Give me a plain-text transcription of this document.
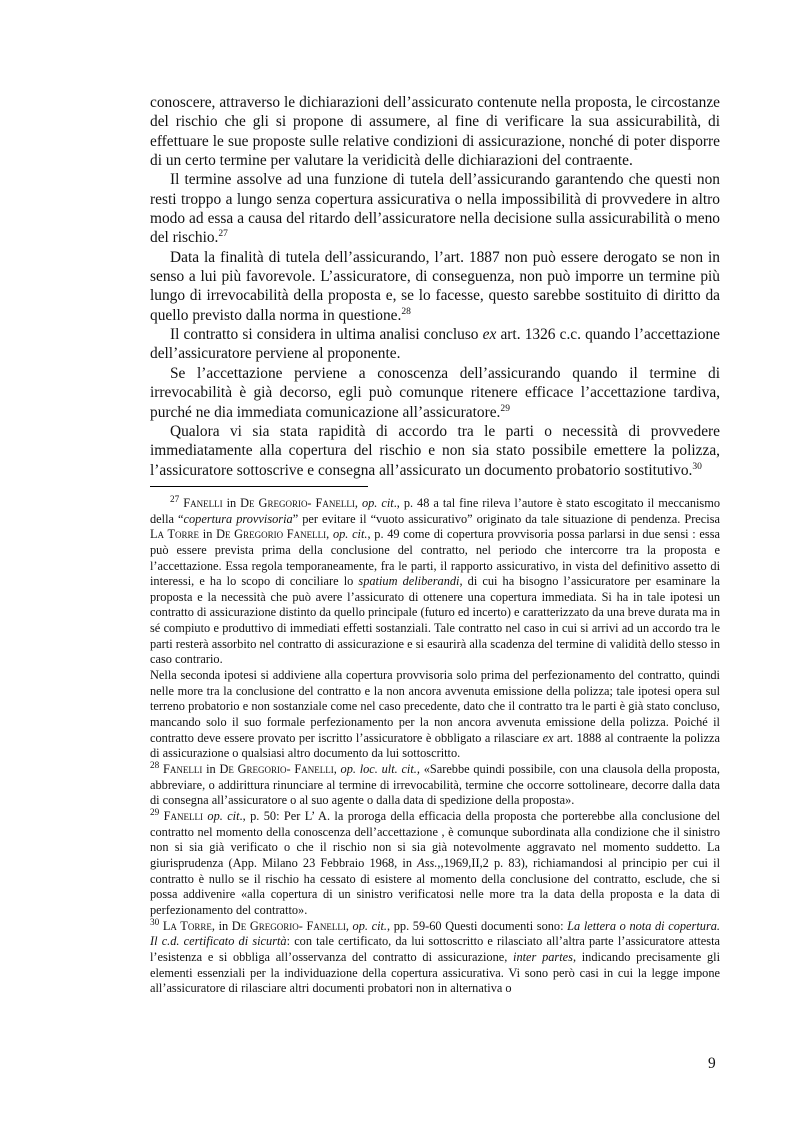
conoscere, attraverso le dichiarazioni dell’assicurato contenute nella proposta, le circostanze del rischio che gli si propone di assumere, al fine di verificare la sua assicurabilità, di effettuare le sue proposte sulle relative condizioni di assicurazione, nonché di poter disporre di un certo termine per valutare la veridicità delle dichiarazioni del contraente.

Il termine assolve ad una funzione di tutela dell’assicurando garantendo che questi non resti troppo a lungo senza copertura assicurativa o nella impossibilità di provvedere in altro modo ad essa a causa del ritardo dell’assicuratore nella decisione sulla assicurabilità o meno del rischio.$^{27}$

Data la finalità di tutela dell’assicurando, l’art. 1887 non può essere derogato se non in senso a lui più favorevole. L’assicuratore, di conseguenza, non può imporre un termine più lungo di irrevocabilità della proposta e, se lo facesse, questo sarebbe sostituito di diritto da quello previsto dalla norma in questione.$^{28}$

Il contratto si considera in ultima analisi concluso ex art. 1326 c.c. quando l’accettazione dell’assicuratore perviene al proponente.

Se l’accettazione perviene a conoscenza dell’assicurando quando il termine di irrevocabilità è già decorso, egli può comunque ritenere efficace l’accettazione tardiva, purché ne dia immediata comunicazione all’assicuratore.$^{29}$

Qualora vi sia stata rapidità di accordo tra le parti o necessità di provvedere immediatamente alla copertura del rischio e non sia stato possibile emettere la polizza, l’assicuratore sottoscrive e consegna all’assicurato un documento probatorio sostitutivo.$^{30}$

$^{27}$ Fanelli in De Gregorio- Fanelli, op. cit., p. 48 a tal fine rileva l’autore è stato escogitato il meccanismo della “copertura provvisoria” per evitare il “vuoto assicurativo” originato da tale situazione di pendenza. Precisa La Torre in De Gregorio Fanelli, op. cit., p. 49 come di copertura provvisoria possa parlarsi in due sensi : essa può essere prevista prima della conclusione del contratto, nel periodo che intercorre tra la proposta e l’accettazione. Essa regola temporaneamente, fra le parti, il rapporto assicurativo, in vista del definitivo assetto di interessi, e ha lo scopo di conciliare lo spatium deliberandi, di cui ha bisogno l’assicuratore per esaminare la proposta e la necessità che può avere l’assicurato di ottenere una copertura immediata. Si ha in tale ipotesi un contratto di assicurazione distinto da quello principale (futuro ed incerto) e caratterizzato da una breve durata ma in sé compiuto e produttivo di immediati effetti sostanziali. Tale contratto nel caso in cui si arrivi ad un accordo tra le parti resterà assorbito nel contratto di assicurazione e si esaurirà alla scadenza del termine di validità dello stesso in caso contrario.

Nella seconda ipotesi si addiviene alla copertura provvisoria solo prima del perfezionamento del contratto, quindi nelle more tra la conclusione del contratto e la non ancora avvenuta emissione della polizza; tale ipotesi opera sul terreno probatorio e non sostanziale come nel caso precedente, dato che il contratto tra le parti è già stato concluso, mancando solo il suo formale perfezionamento per la non ancora avvenuta emissione della polizza. Poiché il contratto deve essere provato per iscritto l’assicuratore è obbligato a rilasciare ex art. 1888 al contraente la polizza di assicurazione o qualsiasi altro documento da lui sottoscritto.

$^{28}$ Fanelli in De Gregorio- Fanelli, op. loc. ult. cit., «Sarebbe quindi possibile, con una clausola della proposta, abbreviare, o addirittura rinunciare al termine di irrevocabilità, termine che occorre sottolineare, decorre dalla data di consegna all’assicuratore o al suo agente o dalla data di spedizione della proposta».

$^{29}$ Fanelli op. cit., p. 50: Per L’ A. la proroga della efficacia della proposta che porterebbe alla conclusione del contratto nel momento della conoscenza dell’accettazione , è comunque subordinata alla condizione che il sinistro non si sia già verificato o che il rischio non si sia già notevolmente aggravato nel momento suddetto. La giurisprudenza (App. Milano 23 Febbraio 1968, in Ass.,,1969,II,2 p. 83), richiamandosi al principio per cui il contratto è nullo se il rischio ha cessato di esistere al momento della conclusione del contratto, esclude, che si possa addivenire «alla copertura di un sinistro verificatosi nelle more tra la data della proposta e la data di perfezionamento del contratto».

$^{30}$ La Torre, in De Gregorio- Fanelli, op. cit., pp. 59-60 Questi documenti sono: La lettera o nota di copertura. Il c.d. certificato di sicurtà: con tale certificato, da lui sottoscritto e rilasciato all’altra parte l’assicuratore attesta l’esistenza e si obbliga all’osservanza del contratto di assicurazione, inter partes, indicando precisamente gli elementi essenziali per la individuazione della copertura assicurativa. Vi sono però casi in cui la legge impone all’assicuratore di rilasciare altri documenti probatori non in alternativa o

9
